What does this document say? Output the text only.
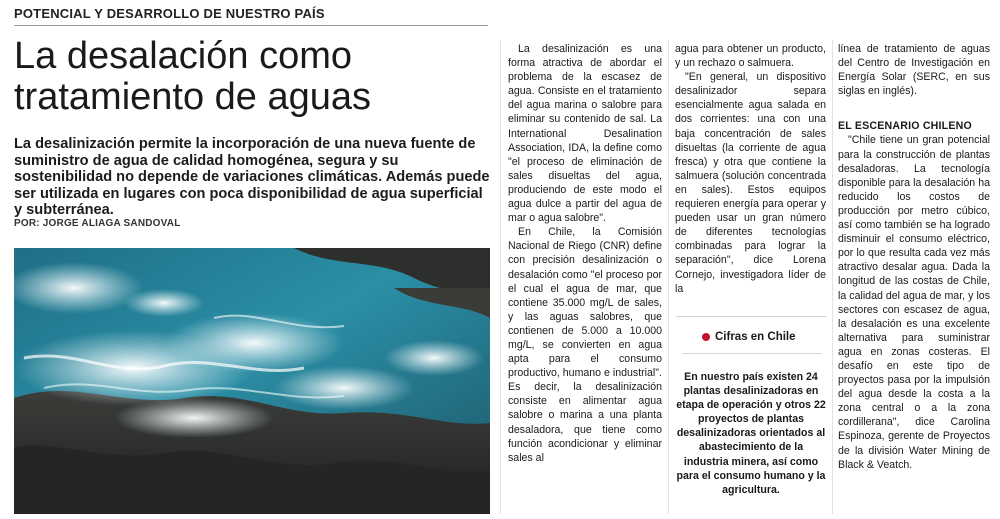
POTENCIAL Y DESARROLLO DE NUESTRO PAÍS
La desalación como
tratamiento de aguas

La desalinización permite la incorporación de una nueva fuente de suministro de agua de calidad homogénea, segura y su sostenibilidad no depende de variaciones climáticas. Además puede ser utilizada en lugares con poca disponibilidad de agua superficial y subterránea.

POR: JORGE ALIAGA SANDOVAL

La desalinización es una forma atractiva de abordar el problema de la escasez de agua. Consiste en el tratamiento del agua marina o salobre para eliminar su contenido de sal. La International Desalination Association, IDA, la define como "el proceso de eliminación de sales disueltas del agua, produciendo de este modo el agua dulce a partir del agua de mar o agua salobre".

En Chile, la Comisión Nacional de Riego (CNR) define con precisión desalinización o desalación como "el proceso por el cual el agua de mar, que contiene 35.000 mg/L de sales, y las aguas salobres, que contienen de 5.000 a 10.000 mg/L, se convierten en agua apta para el consumo productivo, humano e industrial". Es decir, la desalinización consiste en alimentar agua salobre o marina a una planta desaladora, que tiene como función acondicionar y eliminar sales al

agua para obtener un producto, y un rechazo o salmuera.

"En general, un dispositivo desalinizador separa esencialmente agua salada en dos corrientes: una con una baja concentración de sales disueltas (la corriente de agua fresca) y otra que contiene la salmuera (solución concentrada en sales). Estos equipos requieren energía para operar y pueden usar un gran número de diferentes tecnologías combinadas para lograr la separación", dice Lorena Cornejo, investigadora líder de la

Cifras en Chile

En nuestro país existen 24 plantas desalinizadoras en etapa de operación y otros 22 proyectos de plantas desalinizadoras orientados al abastecimiento de la industria minera, así como para el consumo humano y la agricultura.

línea de tratamiento de aguas del Centro de Investigación en Energía Solar (SERC, en sus siglas en inglés).

EL ESCENARIO CHILENO

"Chile tiene un gran potencial para la construcción de plantas desaladoras. La tecnología disponible para la desalación ha reducido los costos de producción por metro cúbico, así como también se ha logrado disminuir el consumo eléctrico, por lo que resulta cada vez más atractivo desalar agua. Dada la longitud de las costas de Chile, la calidad del agua de mar, y los sectores con escasez de agua, la desalación es una excelente alternativa para suministrar agua en zonas costeras. El desafío en este tipo de proyectos pasa por la impulsión del agua desde la costa a la zona central o a la zona cordillerana", dice Carolina Espinoza, gerente de Proyectos de la división Water Mining de Black & Veatch.
